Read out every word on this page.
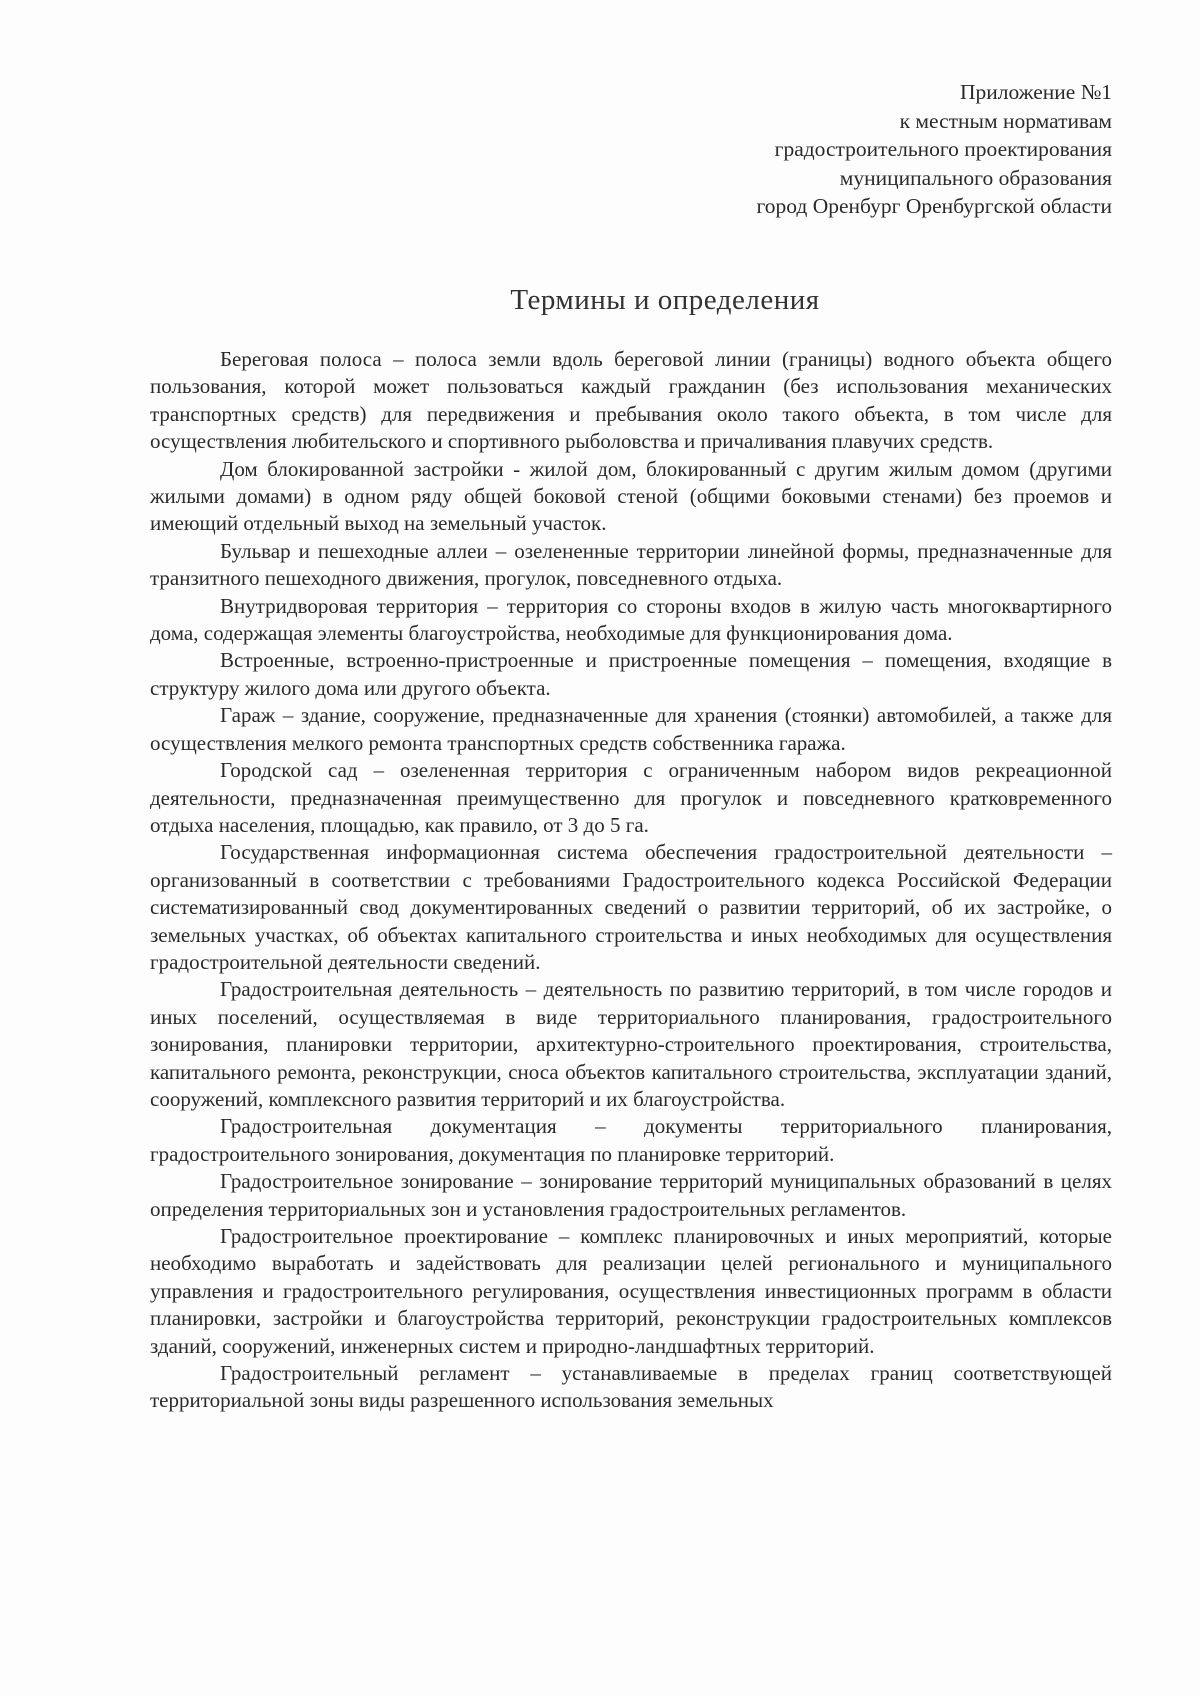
Приложение №1
к местным нормативам
градостроительного проектирования
муниципального образования
город Оренбург Оренбургской области
Термины и определения

Береговая полоса – полоса земли вдоль береговой линии (границы) водного объекта общего пользования, которой может пользоваться каждый гражданин (без использования механических транспортных средств) для передвижения и пребывания около такого объекта, в том числе для осуществления любительского и спортивного рыболовства и причаливания плавучих средств.

Дом блокированной застройки - жилой дом, блокированный с другим жилым домом (другими жилыми домами) в одном ряду общей боковой стеной (общими боковыми стенами) без проемов и имеющий отдельный выход на земельный участок.

Бульвар и пешеходные аллеи – озелененные территории линейной формы, предназначенные для транзитного пешеходного движения, прогулок, повседневного отдыха.

Внутридворовая территория – территория со стороны входов в жилую часть многоквартирного дома, содержащая элементы благоустройства, необходимые для функционирования дома.

Встроенные, встроенно-пристроенные и пристроенные помещения – помещения, входящие в структуру жилого дома или другого объекта.

Гараж – здание, сооружение, предназначенные для хранения (стоянки) автомобилей, а также для осуществления мелкого ремонта транспортных средств собственника гаража.

Городской сад – озелененная территория с ограниченным набором видов рекреационной деятельности, предназначенная преимущественно для прогулок и повседневного кратковременного отдыха населения, площадью, как правило, от 3 до 5 га.

Государственная информационная система обеспечения градостроительной деятельности – организованный в соответствии с требованиями Градостроительного кодекса Российской Федерации систематизированный свод документированных сведений о развитии территорий, об их застройке, о земельных участках, об объектах капитального строительства и иных необходимых для осуществления градостроительной деятельности сведений.

Градостроительная деятельность – деятельность по развитию территорий, в том числе городов и иных поселений, осуществляемая в виде территориального планирования, градостроительного зонирования, планировки территории, архитектурно-строительного проектирования, строительства, капитального ремонта, реконструкции, сноса объектов капитального строительства, эксплуатации зданий, сооружений, комплексного развития территорий и их благоустройства.

Градостроительная документация – документы территориального планирования, градостроительного зонирования, документация по планировке территорий.

Градостроительное зонирование – зонирование территорий муниципальных образований в целях определения территориальных зон и установления градостроительных регламентов.

Градостроительное проектирование – комплекс планировочных и иных мероприятий, которые необходимо выработать и задействовать для реализации целей регионального и муниципального управления и градостроительного регулирования, осуществления инвестиционных программ в области планировки, застройки и благоустройства территорий, реконструкции градостроительных комплексов зданий, сооружений, инженерных систем и природно-ландшафтных территорий.

Градостроительный регламент – устанавливаемые в пределах границ соответствующей территориальной зоны виды разрешенного использования земельных
